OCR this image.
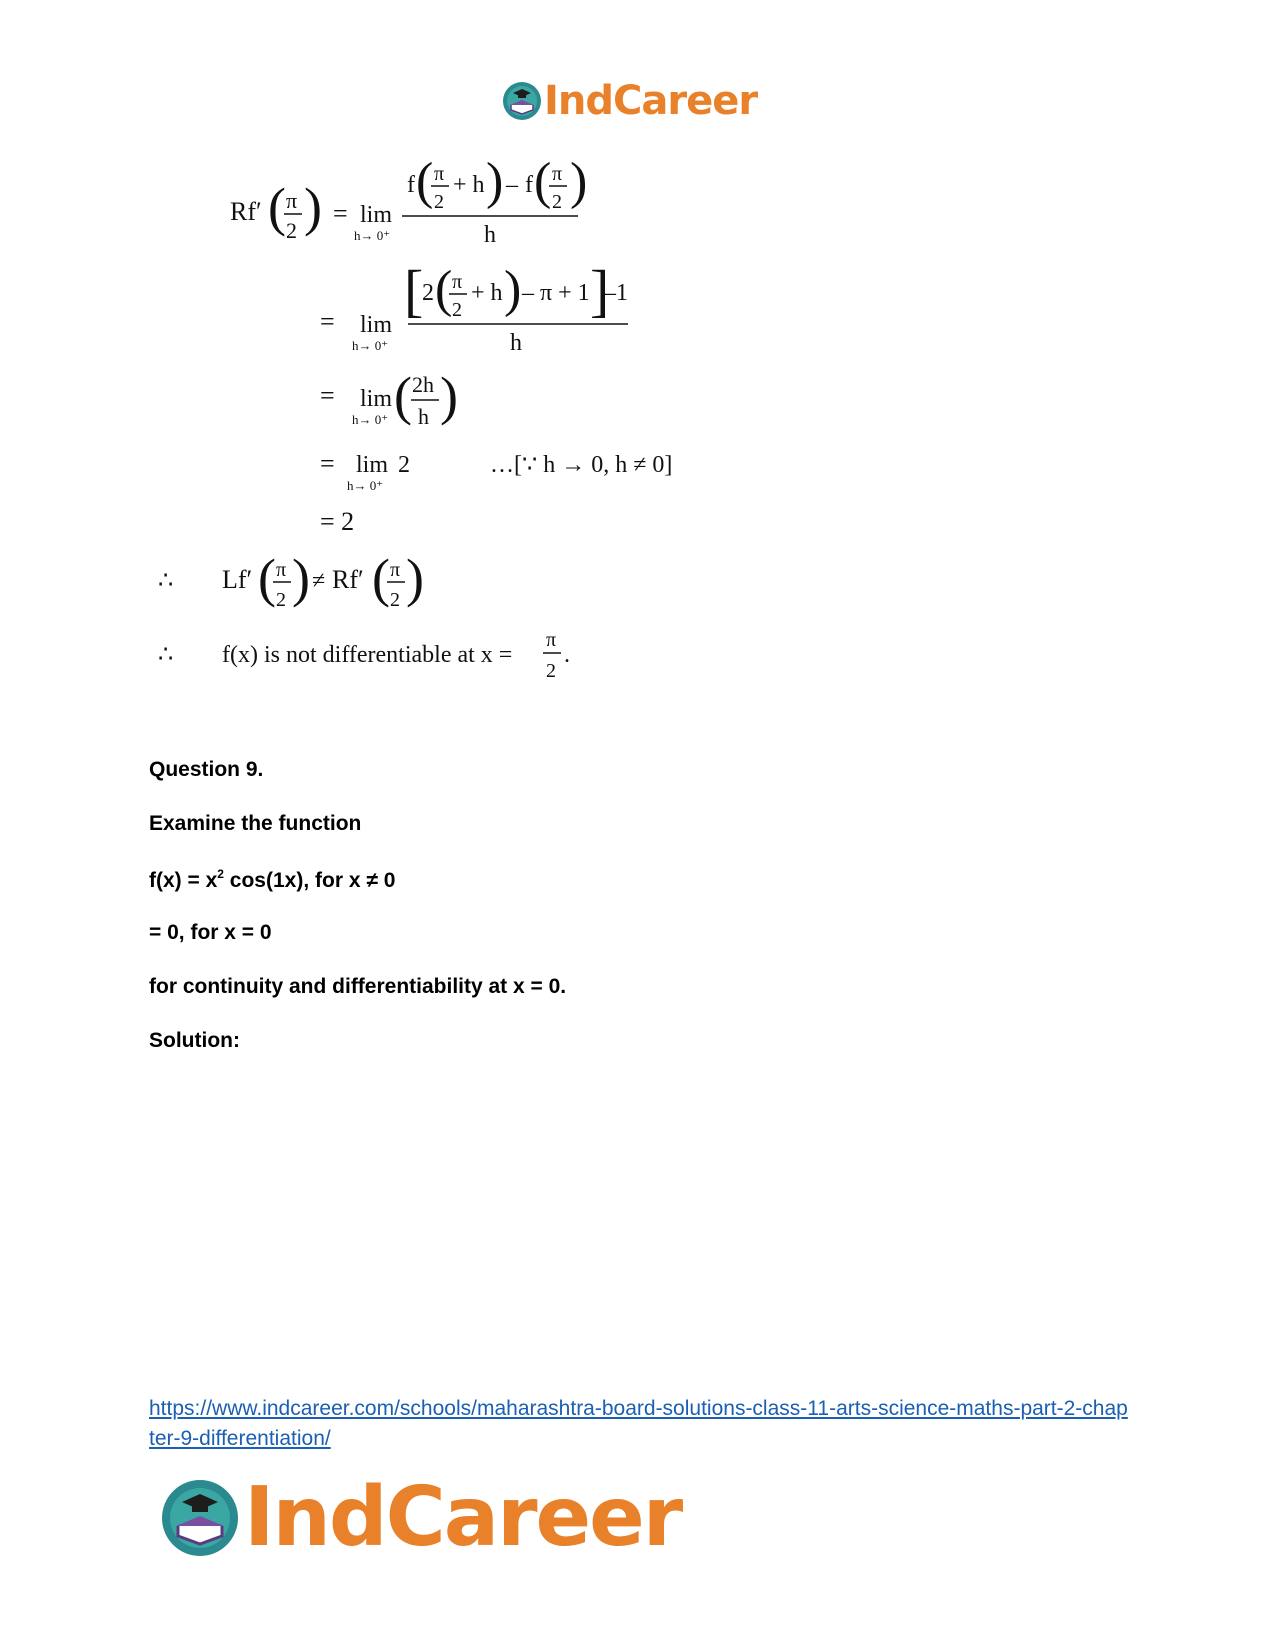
IndCareer
Rf′ ( π
2 ) = lim
h→ 0⁺
f ( π
2
+ h ) – f ( π
2 )
h
= lim
h→ 0⁺
[
2 ( π
2
+ h ) – π + 1 ]
–1
h
= lim
h→ 0⁺ ( 2h
h )
= lim
h→ 0⁺
2	…[∵ h → 0, h ≠ 0]
= 2
∴ Lf′ ( π
2 ) ≠ Rf′ ( π
2 )
∴ f(x) is not differentiable at x =
π
2
.

Question 9.

Examine the function

$f(x) = x^2$ cos(1x), for x ≠ 0

= 0, for x = 0

for continuity and differentiability at x = 0.

Solution:

https://www.indcareer.com/schools/maharashtra-board-solutions-class-11-arts-science-maths-part-2-chapter-9-differentiation/
IndCareer
